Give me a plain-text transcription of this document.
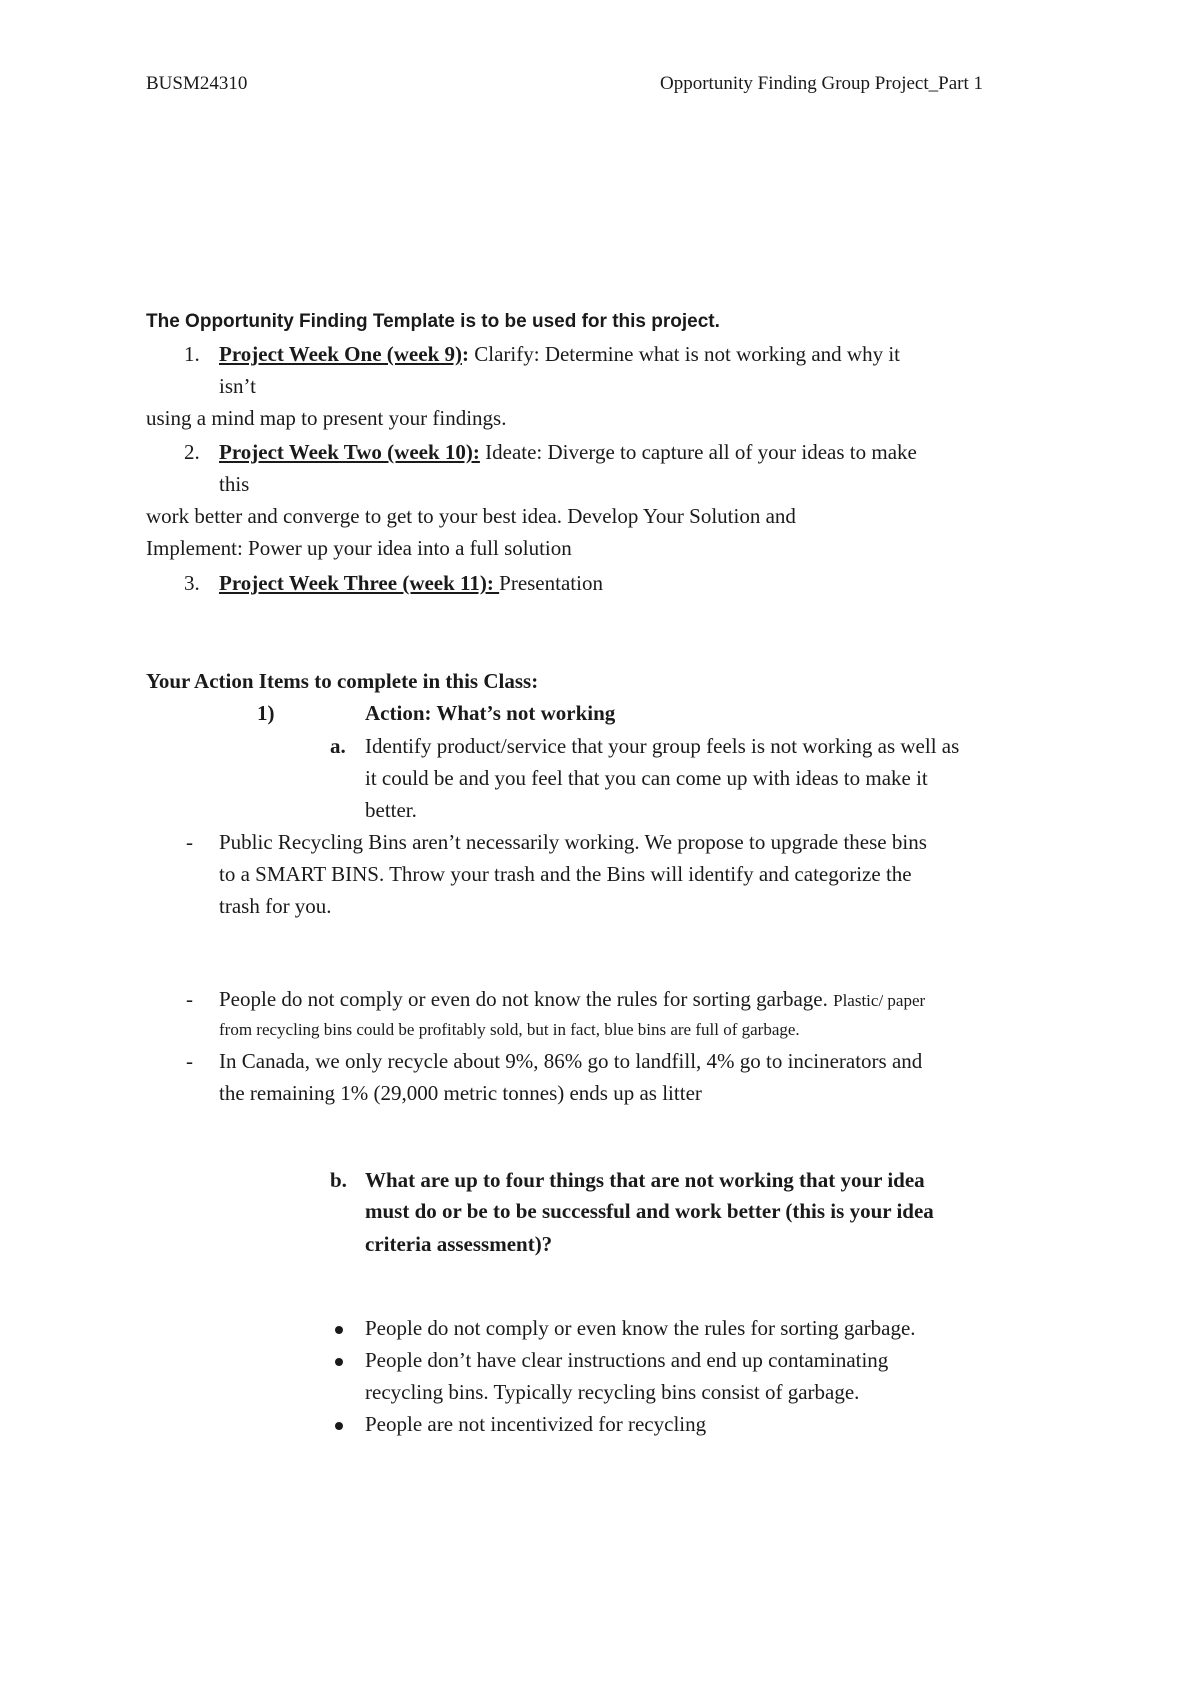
BUSM24310	Opportunity Finding Group Project_Part 1
The Opportunity Finding Template is to be used for this project.
1. Project Week One (week 9): Clarify: Determine what is not working and why it
isn’t
using a mind map to present your findings.
2. Project Week Two (week 10): Ideate: Diverge to capture all of your ideas to make
this
work better and converge to get to your best idea. Develop Your Solution and
Implement: Power up your idea into a full solution
3. Project Week Three (week 11): Presentation
Your Action Items to complete in this Class:
1)	Action: What’s not working
a. Identify product/service that your group feels is not working as well as
it could be and you feel that you can come up with ideas to make it
better.
- Public Recycling Bins aren’t necessarily working. We propose to upgrade these bins
to a SMART BINS. Throw your trash and the Bins will identify and categorize the
trash for you.
- People do not comply or even do not know the rules for sorting garbage. Plastic/ paper
from recycling bins could be profitably sold, but in fact, blue bins are full of garbage.
- In Canada, we only recycle about 9%, 86% go to landfill, 4% go to incinerators and
the remaining 1% (29,000 metric tonnes) ends up as litter
b. What are up to four things that are not working that your idea
must do or be to be successful and work better (this is your idea
criteria assessment)?
People do not comply or even know the rules for sorting garbage.
People don’t have clear instructions and end up contaminating
recycling bins. Typically recycling bins consist of garbage.
People are not incentivized for recycling
